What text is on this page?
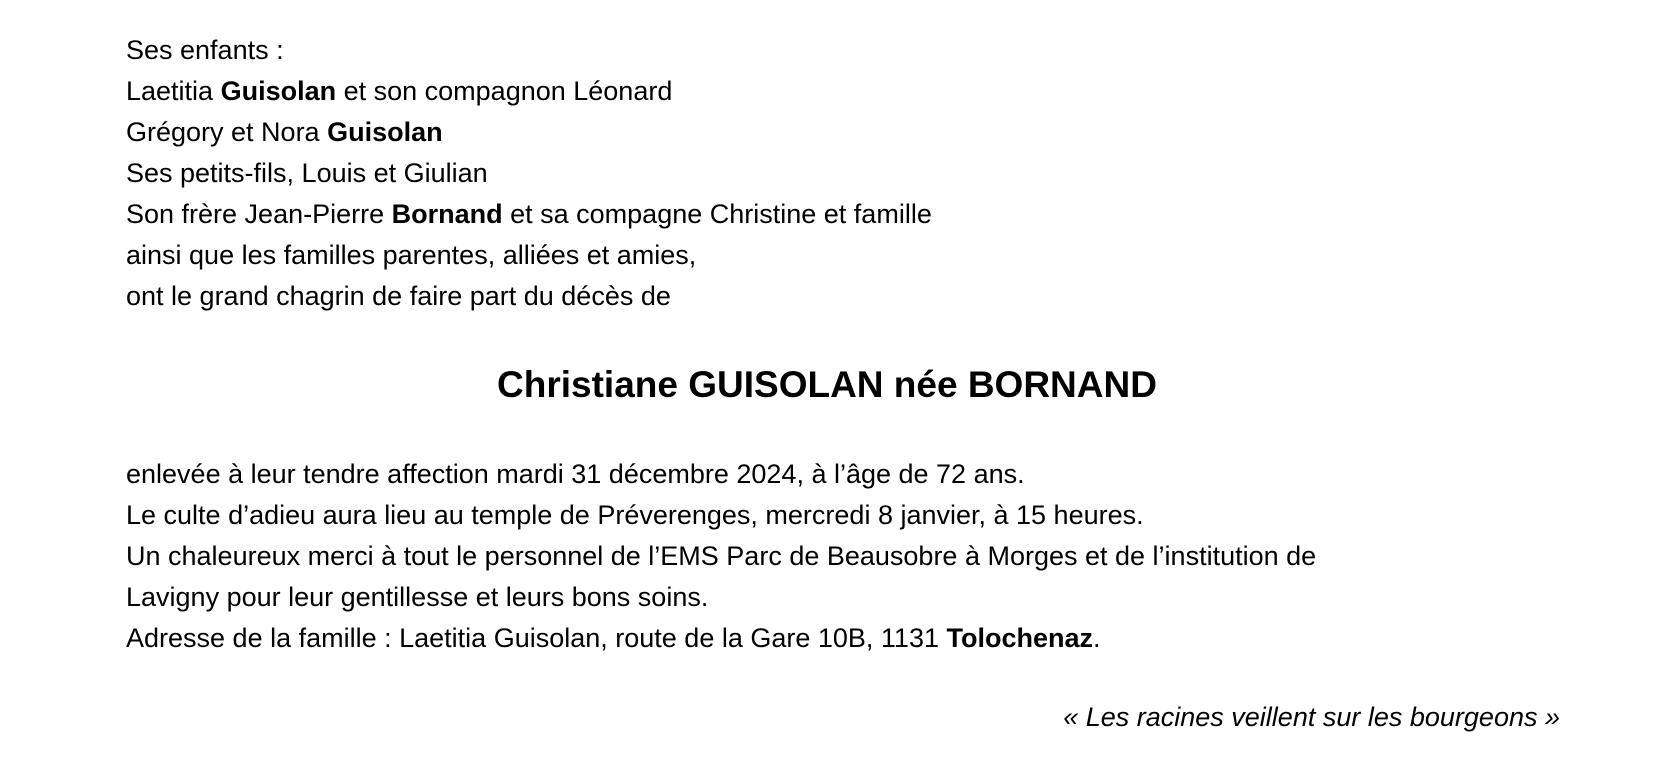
Ses enfants :
Laetitia Guisolan et son compagnon Léonard
Grégory et Nora Guisolan
Ses petits-fils, Louis et Giulian
Son frère Jean-Pierre Bornand et sa compagne Christine et famille
ainsi que les familles parentes, alliées et amies,
ont le grand chagrin de faire part du décès de
Christiane GUISOLAN née BORNAND
enlevée à leur tendre affection mardi 31 décembre 2024, à l’âge de 72 ans.
Le culte d’adieu aura lieu au temple de Préverenges, mercredi 8 janvier, à 15 heures.
Un chaleureux merci à tout le personnel de l’EMS Parc de Beausobre à Morges et de l’institution de
Lavigny pour leur gentillesse et leurs bons soins.
Adresse de la famille : Laetitia Guisolan, route de la Gare 10B, 1131 Tolochenaz.
« Les racines veillent sur les bourgeons »
